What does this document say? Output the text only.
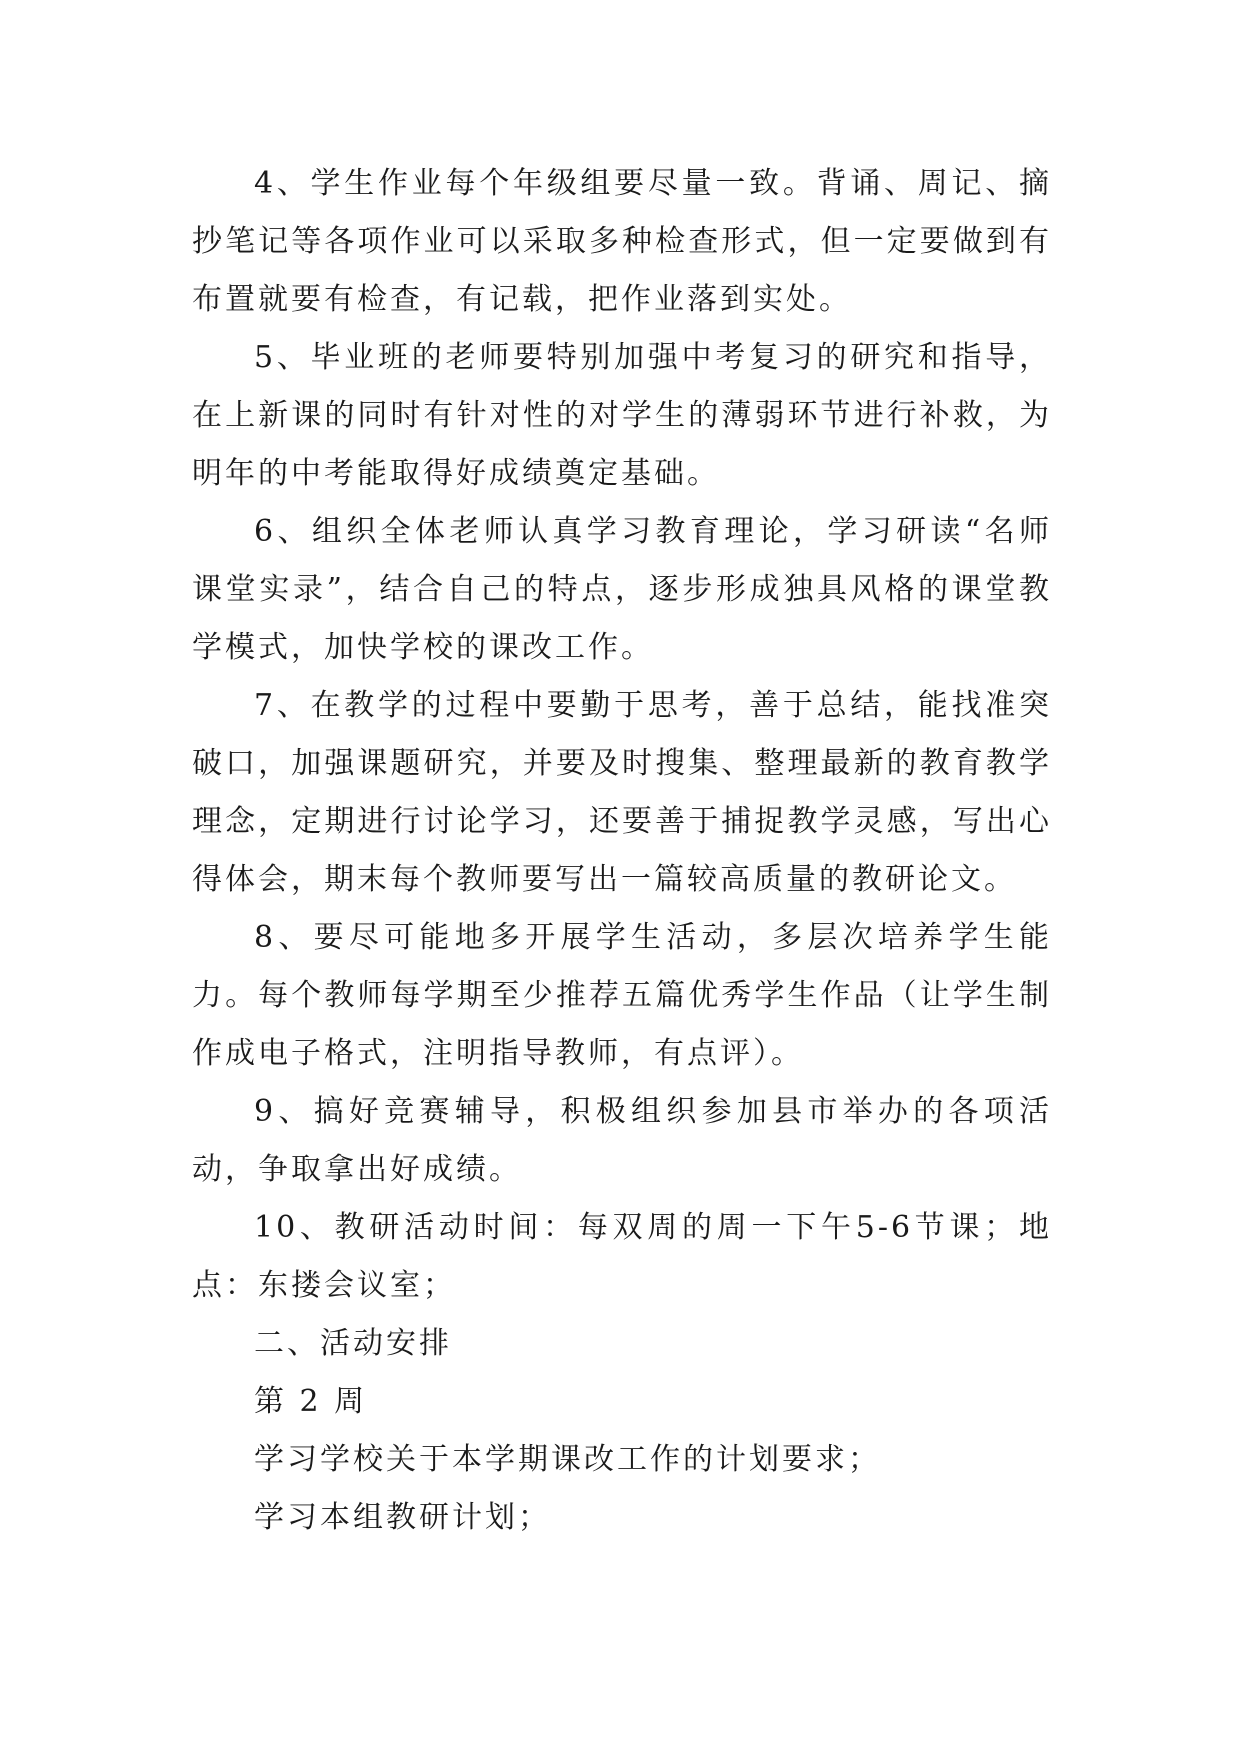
4、学生作业每个年级组要尽量一致。背诵、周记、摘抄笔记等各项作业可以采取多种检查形式，但一定要做到有布置就要有检查，有记载，把作业落到实处。

5、毕业班的老师要特别加强中考复习的研究和指导，在上新课的同时有针对性的对学生的薄弱环节进行补救，为明年的中考能取得好成绩奠定基础。

6、组织全体老师认真学习教育理论，学习研读“名师课堂实录”，结合自己的特点，逐步形成独具风格的课堂教学模式，加快学校的课改工作。

7、在教学的过程中要勤于思考，善于总结，能找准突破口，加强课题研究，并要及时搜集、整理最新的教育教学理念，定期进行讨论学习，还要善于捕捉教学灵感，写出心得体会，期末每个教师要写出一篇较高质量的教研论文。

8、要尽可能地多开展学生活动，多层次培养学生能力。每个教师每学期至少推荐五篇优秀学生作品（让学生制作成电子格式，注明指导教师，有点评）。

9、搞好竞赛辅导，积极组织参加县市举办的各项活动，争取拿出好成绩。

10、教研活动时间：每双周的周一下午5-6节课；地点：东搂会议室；

二、活动安排

第 2 周

学习学校关于本学期课改工作的计划要求；

学习本组教研计划；
